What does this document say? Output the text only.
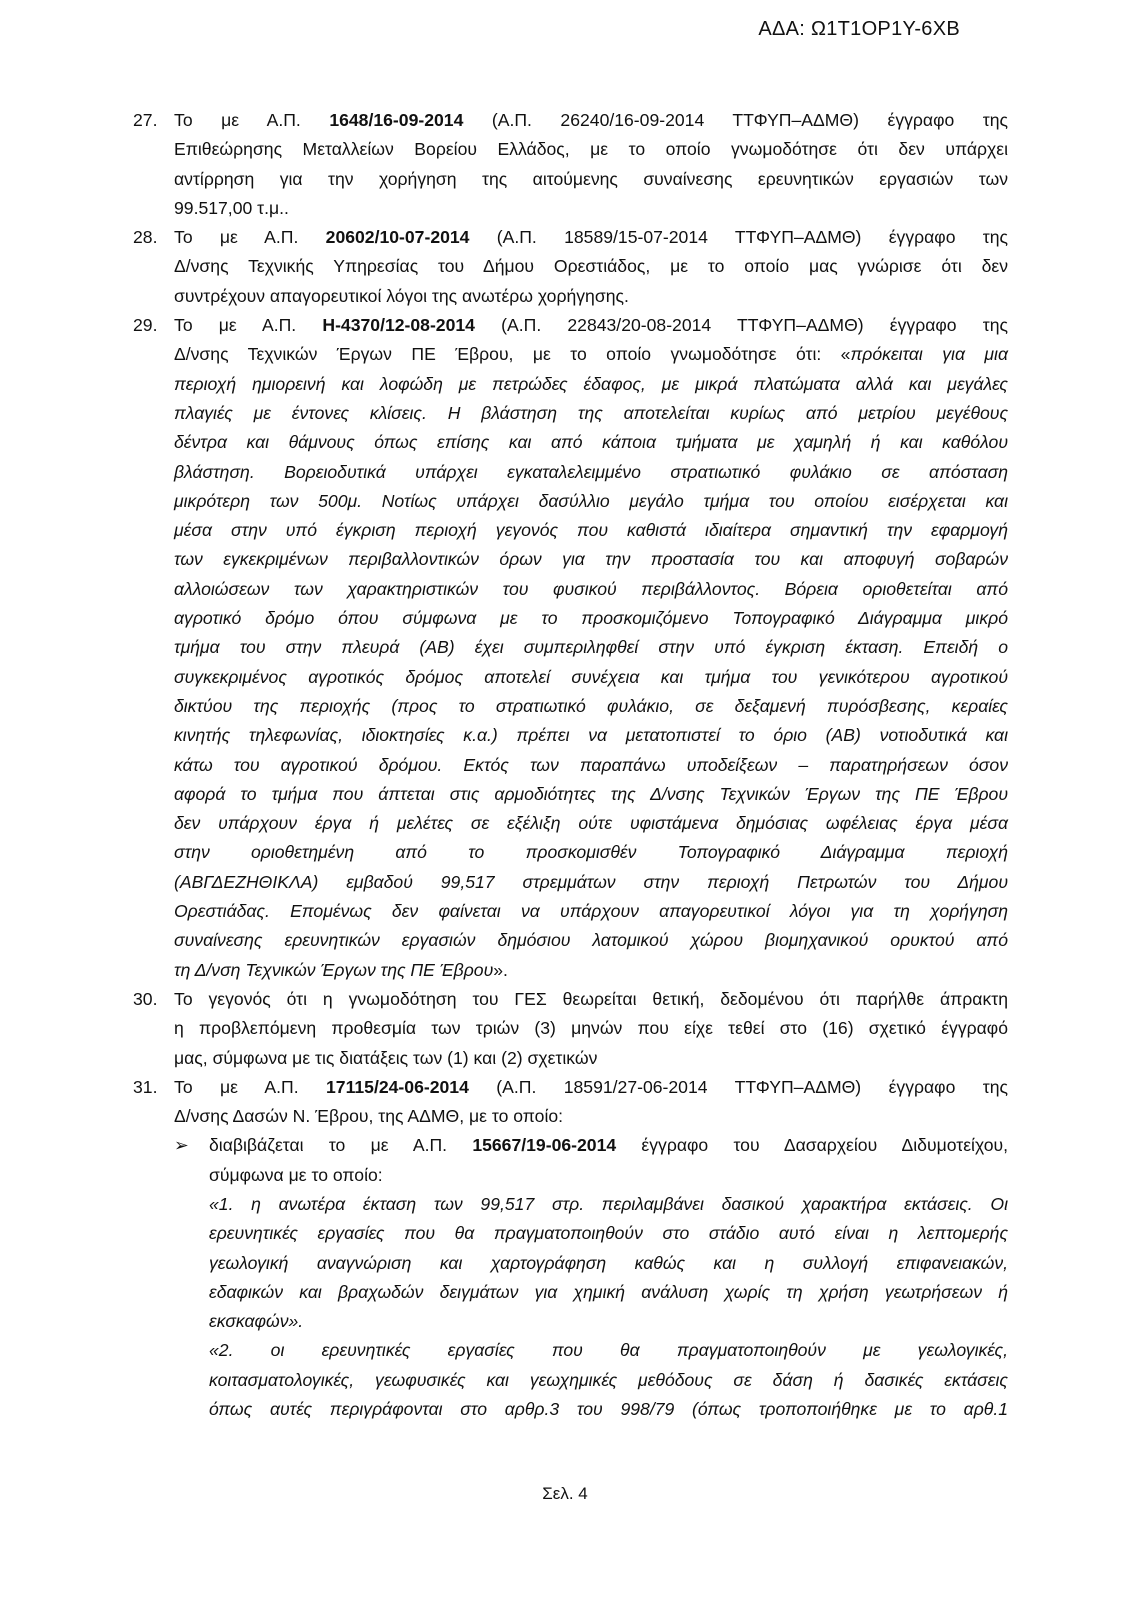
ΑΔΑ: Ω1Τ1ΟΡ1Υ-6ΧΒ
27. Το με Α.Π. 1648/16-09-2014 (Α.Π. 26240/16-09-2014 ΤΤΦΥΠ–ΑΔΜΘ) έγγραφο της
Επιθεώρησης Μεταλλείων Βορείου Ελλάδος, με το οποίο γνωμοδότησε ότι δεν υπάρχει
αντίρρηση για την χορήγηση της αιτούμενης συναίνεσης ερευνητικών εργασιών των
99.517,00 τ.μ..
28. Το με Α.Π. 20602/10-07-2014 (Α.Π. 18589/15-07-2014 ΤΤΦΥΠ–ΑΔΜΘ) έγγραφο της
Δ/νσης Τεχνικής Υπηρεσίας του Δήμου Ορεστιάδος, με το οποίο μας γνώρισε ότι δεν
συντρέχουν απαγορευτικοί λόγοι της ανωτέρω χορήγησης.
29. Το με Α.Π. Η-4370/12-08-2014 (Α.Π. 22843/20-08-2014 ΤΤΦΥΠ–ΑΔΜΘ) έγγραφο της
Δ/νσης Τεχνικών Έργων ΠΕ Έβρου, με το οποίο γνωμοδότησε ότι: «πρόκειται για μια
περιοχή ημιορεινή και λοφώδη με πετρώδες έδαφος, με μικρά πλατώματα αλλά και μεγάλες
πλαγιές με έντονες κλίσεις. Η βλάστηση της αποτελείται κυρίως από μετρίου μεγέθους
δέντρα και θάμνους όπως επίσης και από κάποια τμήματα με χαμηλή ή και καθόλου
βλάστηση. Βορειοδυτικά υπάρχει εγκαταλελειμμένο στρατιωτικό φυλάκιο σε απόσταση
μικρότερη των 500μ. Νοτίως υπάρχει δασύλλιο μεγάλο τμήμα του οποίου εισέρχεται και
μέσα στην υπό έγκριση περιοχή γεγονός που καθιστά ιδιαίτερα σημαντική την εφαρμογή
των εγκεκριμένων περιβαλλοντικών όρων για την προστασία του και αποφυγή σοβαρών
αλλοιώσεων των χαρακτηριστικών του φυσικού περιβάλλοντος. Βόρεια οριοθετείται από
αγροτικό δρόμο όπου σύμφωνα με το προσκομιζόμενο Τοπογραφικό Διάγραμμα μικρό
τμήμα του στην πλευρά (ΑΒ) έχει συμπεριληφθεί στην υπό έγκριση έκταση. Επειδή ο
συγκεκριμένος αγροτικός δρόμος αποτελεί συνέχεια και τμήμα του γενικότερου αγροτικού
δικτύου της περιοχής (προς το στρατιωτικό φυλάκιο, σε δεξαμενή πυρόσβεσης, κεραίες
κινητής τηλεφωνίας, ιδιοκτησίες κ.α.) πρέπει να μετατοπιστεί το όριο (ΑΒ) νοτιοδυτικά και
κάτω του αγροτικού δρόμου. Εκτός των παραπάνω υποδείξεων – παρατηρήσεων όσον
αφορά το τμήμα που άπτεται στις αρμοδιότητες της Δ/νσης Τεχνικών Έργων της ΠΕ Έβρου
δεν υπάρχουν έργα ή μελέτες σε εξέλιξη ούτε υφιστάμενα δημόσιας ωφέλειας έργα μέσα
στην οριοθετημένη από το προσκομισθέν Τοπογραφικό Διάγραμμα περιοχή
(ΑΒΓΔΕΖΗΘΙΚΛΑ) εμβαδού 99,517 στρεμμάτων στην περιοχή Πετρωτών του Δήμου
Ορεστιάδας. Επομένως δεν φαίνεται να υπάρχουν απαγορευτικοί λόγοι για τη χορήγηση
συναίνεσης ερευνητικών εργασιών δημόσιου λατομικού χώρου βιομηχανικού ορυκτού από
τη Δ/νση Τεχνικών Έργων της ΠΕ Έβρου».
30. Το γεγονός ότι η γνωμοδότηση του ΓΕΣ θεωρείται θετική, δεδομένου ότι παρήλθε άπρακτη
η προβλεπόμενη προθεσμία των τριών (3) μηνών που είχε τεθεί στο (16) σχετικό έγγραφό
μας, σύμφωνα με τις διατάξεις των (1) και (2) σχετικών
31. Το με Α.Π. 17115/24-06-2014 (Α.Π. 18591/27-06-2014 ΤΤΦΥΠ–ΑΔΜΘ) έγγραφο της
Δ/νσης Δασών Ν. Έβρου, της ΑΔΜΘ, με το οποίο:
➢ διαβιβάζεται το με Α.Π. 15667/19-06-2014 έγγραφο του Δασαρχείου Διδυμοτείχου,
σύμφωνα με το οποίο:
«1. η ανωτέρα έκταση των 99,517 στρ. περιλαμβάνει δασικού χαρακτήρα εκτάσεις. Οι
ερευνητικές εργασίες που θα πραγματοποιηθούν στο στάδιο αυτό είναι η λεπτομερής
γεωλογική αναγνώριση και χαρτογράφηση καθώς και η συλλογή επιφανειακών,
εδαφικών και βραχωδών δειγμάτων για χημική ανάλυση χωρίς τη χρήση γεωτρήσεων ή
εκσκαφών».
«2. οι ερευνητικές εργασίες που θα πραγματοποιηθούν με γεωλογικές,
κοιτασματολογικές, γεωφυσικές και γεωχημικές μεθόδους σε δάση ή δασικές εκτάσεις
όπως αυτές περιγράφονται στο αρθρ.3 του 998/79 (όπως τροποποιήθηκε με το αρθ.1
Σελ. 4
